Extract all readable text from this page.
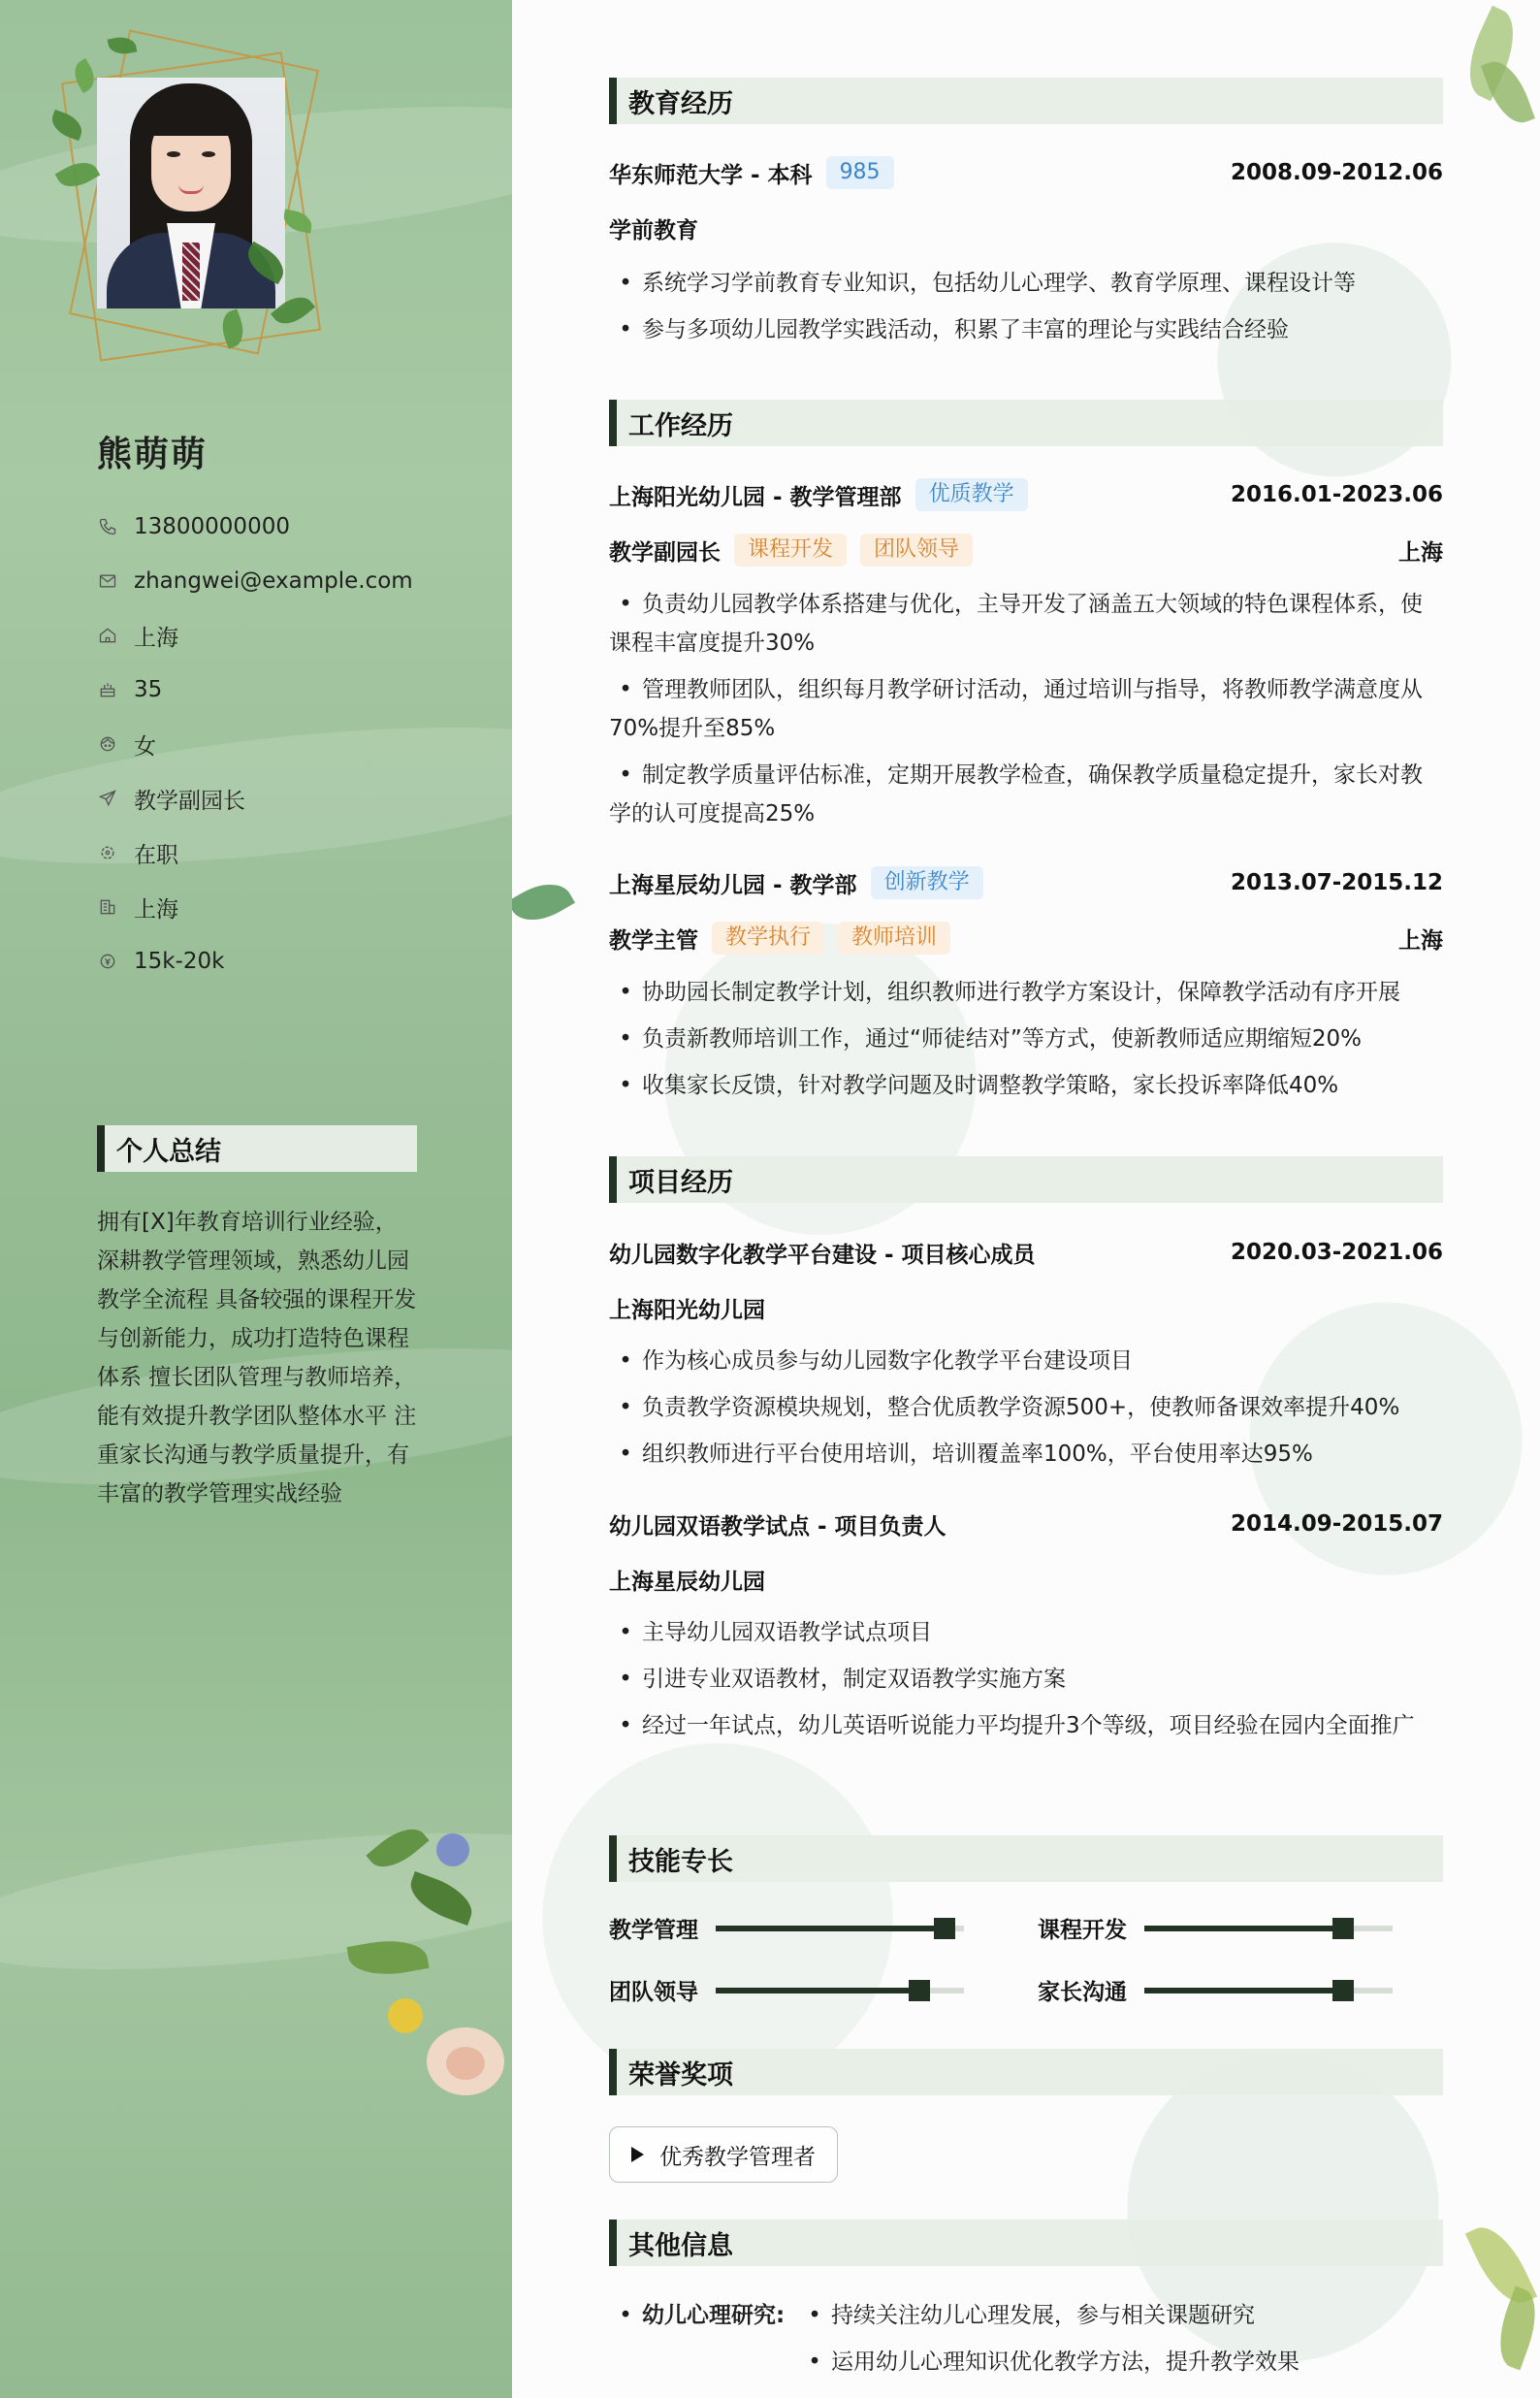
熊萌萌
13800000000
zhangwei@example.com
上海
35
女
教学副园长
在职
上海
15k-20k
个人总结
拥有[X]年教育培训行业经验，深耕教学管理领域，熟悉幼儿园教学全流程 具备较强的课程开发与创新能力，成功打造特色课程体系 擅长团队管理与教师培养，能有效提升教学团队整体水平 注重家长沟通与教学质量提升，有丰富的教学管理实战经验
教育经历
华东师范大学 - 本科	985	2008.09-2012.06
学前教育
• 系统学习学前教育专业知识，包括幼儿心理学、教育学原理、课程设计等
• 参与多项幼儿园教学实践活动，积累了丰富的理论与实践结合经验
工作经历
上海阳光幼儿园 - 教学管理部	优质教学	2016.01-2023.06
教学副园长	课程开发	团队领导	上海
• 负责幼儿园教学体系搭建与优化，主导开发了涵盖五大领域的特色课程体系，使课程丰富度提升30%
• 管理教师团队，组织每月教学研讨活动，通过培训与指导，将教师教学满意度从70%提升至85%
• 制定教学质量评估标准，定期开展教学检查，确保教学质量稳定提升，家长对教学的认可度提高25%
上海星辰幼儿园 - 教学部	创新教学	2013.07-2015.12
教学主管	教学执行	教师培训	上海
• 协助园长制定教学计划，组织教师进行教学方案设计，保障教学活动有序开展
• 负责新教师培训工作，通过“师徒结对”等方式，使新教师适应期缩短20%
• 收集家长反馈，针对教学问题及时调整教学策略，家长投诉率降低40%
项目经历
幼儿园数字化教学平台建设 - 项目核心成员	2020.03-2021.06
上海阳光幼儿园
• 作为核心成员参与幼儿园数字化教学平台建设项目
• 负责教学资源模块规划，整合优质教学资源500+，使教师备课效率提升40%
• 组织教师进行平台使用培训，培训覆盖率100%，平台使用率达95%
幼儿园双语教学试点 - 项目负责人	2014.09-2015.07
上海星辰幼儿园
• 主导幼儿园双语教学试点项目
• 引进专业双语教材，制定双语教学实施方案
• 经过一年试点，幼儿英语听说能力平均提升3个等级，项目经验在园内全面推广
技能专长
教学管理	课程开发
团队领导	家长沟通
荣誉奖项
优秀教学管理者
其他信息
• 幼儿心理研究:	• 持续关注幼儿心理发展，参与相关课题研究
• 运用幼儿心理知识优化教学方法，提升教学效果
